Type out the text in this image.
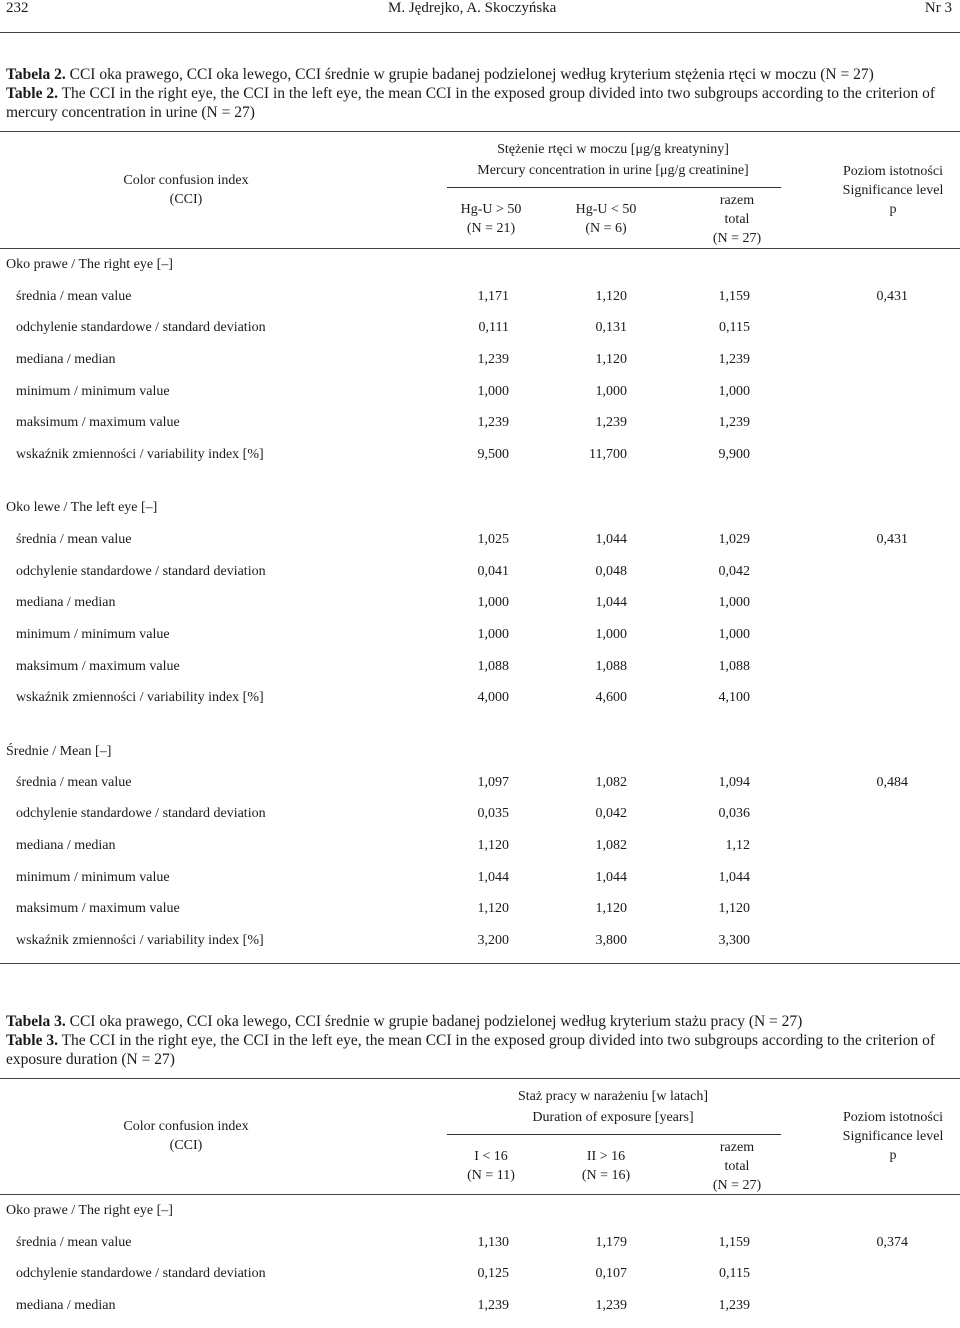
232	M. Jędrejko, A. Skoczyńska	Nr 3

Tabela 2. CCI oka prawego, CCI oka lewego, CCI średnie w grupie badanej podzielonej według kryterium stężenia rtęci w moczu (N = 27)

Table 2. The CCI in the right eye, the CCI in the left eye, the mean CCI in the exposed group divided into two subgroups according to the criterion of mercury concentration in urine (N = 27)

Color confusion index
(CCI)
Stężenie rtęci w moczu [μg/g kreatyniny]
Mercury concentration in urine [μg/g creatinine]
Hg-U > 50
(N = 21)
Hg-U < 50
(N = 6)
razem
total
(N = 27)
Poziom istotności
Significance level
p
Oko prawe / The right eye [–]
średnia / mean value	1,171	1,120	1,159	0,431
odchylenie standardowe / standard deviation	0,111	0,131	0,115
mediana / median	1,239	1,120	1,239
minimum / minimum value	1,000	1,000	1,000
maksimum / maximum value	1,239	1,239	1,239
wskaźnik zmienności / variability index [%]	9,500	11,700	9,900
Oko lewe / The left eye [–]
średnia / mean value	1,025	1,044	1,029	0,431
odchylenie standardowe / standard deviation	0,041	0,048	0,042
mediana / median	1,000	1,044	1,000
minimum / minimum value	1,000	1,000	1,000
maksimum / maximum value	1,088	1,088	1,088
wskaźnik zmienności / variability index [%]	4,000	4,600	4,100
Średnie / Mean [–]
średnia / mean value	1,097	1,082	1,094	0,484
odchylenie standardowe / standard deviation	0,035	0,042	0,036
mediana / median	1,120	1,082	1,12
minimum / minimum value	1,044	1,044	1,044
maksimum / maximum value	1,120	1,120	1,120
wskaźnik zmienności / variability index [%]	3,200	3,800	3,300

Tabela 3. CCI oka prawego, CCI oka lewego, CCI średnie w grupie badanej podzielonej według kryterium stażu pracy (N = 27)

Table 3. The CCI in the right eye, the CCI in the left eye, the mean CCI in the exposed group divided into two subgroups according to the criterion of exposure duration (N = 27)

Color confusion index
(CCI)
Staż pracy w narażeniu [w latach]
Duration of exposure [years]
I < 16
(N = 11)
II > 16
(N = 16)
razem
total
(N = 27)
Poziom istotności
Significance level
p
Oko prawe / The right eye [–]
średnia / mean value	1,130	1,179	1,159	0,374
odchylenie standardowe / standard deviation	0,125	0,107	0,115
mediana / median	1,239	1,239	1,239
